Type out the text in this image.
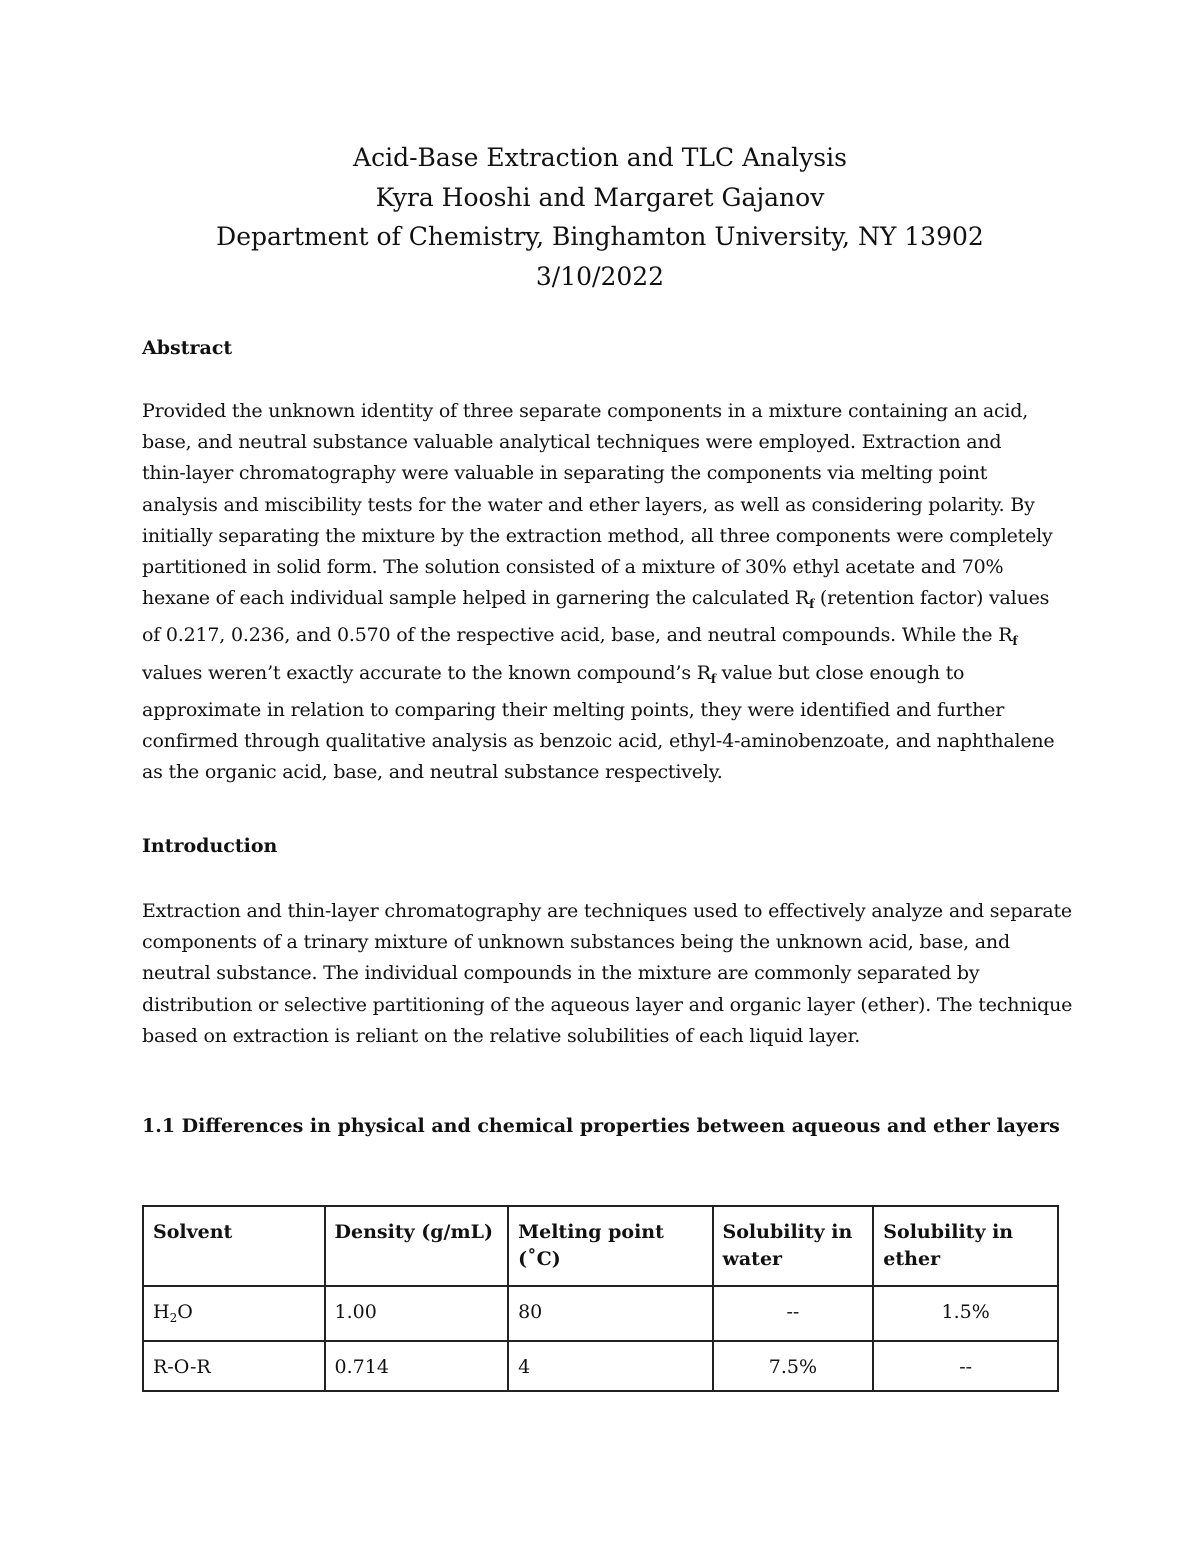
Acid-Base Extraction and TLC Analysis
Kyra Hooshi and Margaret Gajanov
Department of Chemistry, Binghamton University, NY 13902
3/10/2022
Abstract
Provided the unknown identity of three separate components in a mixture containing an acid,
base, and neutral substance valuable analytical techniques were employed. Extraction and
thin-layer chromatography were valuable in separating the components via melting point
analysis and miscibility tests for the water and ether layers, as well as considering polarity. By
initially separating the mixture by the extraction method, all three components were completely
partitioned in solid form. The solution consisted of a mixture of 30% ethyl acetate and 70%
hexane of each individual sample helped in garnering the calculated $R_f$ (retention factor) values
of 0.217, 0.236, and 0.570 of the respective acid, base, and neutral compounds. While the $R_f$
values weren’t exactly accurate to the known compound’s $R_f$ value but close enough to
approximate in relation to comparing their melting points, they were identified and further
confirmed through qualitative analysis as benzoic acid, ethyl-4-aminobenzoate, and naphthalene
as the organic acid, base, and neutral substance respectively.
Introduction
Extraction and thin-layer chromatography are techniques used to effectively analyze and separate
components of a trinary mixture of unknown substances being the unknown acid, base, and
neutral substance. The individual compounds in the mixture are commonly separated by
distribution or selective partitioning of the aqueous layer and organic layer (ether). The technique
based on extraction is reliant on the relative solubilities of each liquid layer.
1.1 Differences in physical and chemical properties between aqueous and ether layers
Solvent	Density (g/mL)	Melting point (˚C)	Solubility in water	Solubility in ether
$H_2O$	1.00	80	--	1.5%
R-O-R	0.714	4	7.5%	--
